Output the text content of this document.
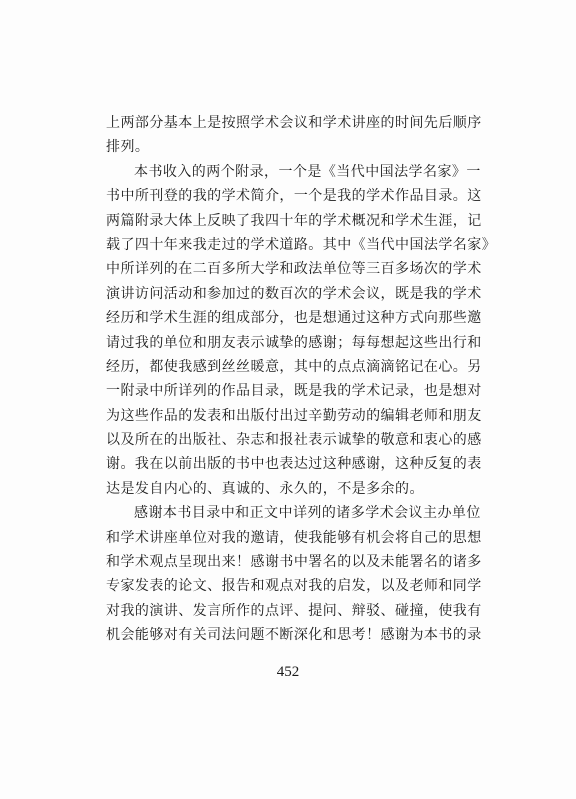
上两部分基本上是按照学术会议和学术讲座的时间先后顺序
排列。
本书收入的两个附录，一个是《当代中国法学名家》一
书中所刊登的我的学术简介，一个是我的学术作品目录。这
两篇附录大体上反映了我四十年的学术概况和学术生涯，记
载了四十年来我走过的学术道路。其中《当代中国法学名家》
中所详列的在二百多所大学和政法单位等三百多场次的学术
演讲访问活动和参加过的数百次的学术会议，既是我的学术
经历和学术生涯的组成部分，也是想通过这种方式向那些邀
请过我的单位和朋友表示诚挚的感谢；每每想起这些出行和
经历，都使我感到丝丝暖意，其中的点点滴滴铭记在心。另
一附录中所详列的作品目录，既是我的学术记录，也是想对
为这些作品的发表和出版付出过辛勤劳动的编辑老师和朋友
以及所在的出版社、杂志和报社表示诚挚的敬意和衷心的感
谢。我在以前出版的书中也表达过这种感谢，这种反复的表
达是发自内心的、真诚的、永久的，不是多余的。
感谢本书目录中和正文中详列的诸多学术会议主办单位
和学术讲座单位对我的邀请，使我能够有机会将自己的思想
和学术观点呈现出来！感谢书中署名的以及未能署名的诸多
专家发表的论文、报告和观点对我的启发，以及老师和同学
对我的演讲、发言所作的点评、提问、辩驳、碰撞，使我有
机会能够对有关司法问题不断深化和思考！感谢为本书的录
452
